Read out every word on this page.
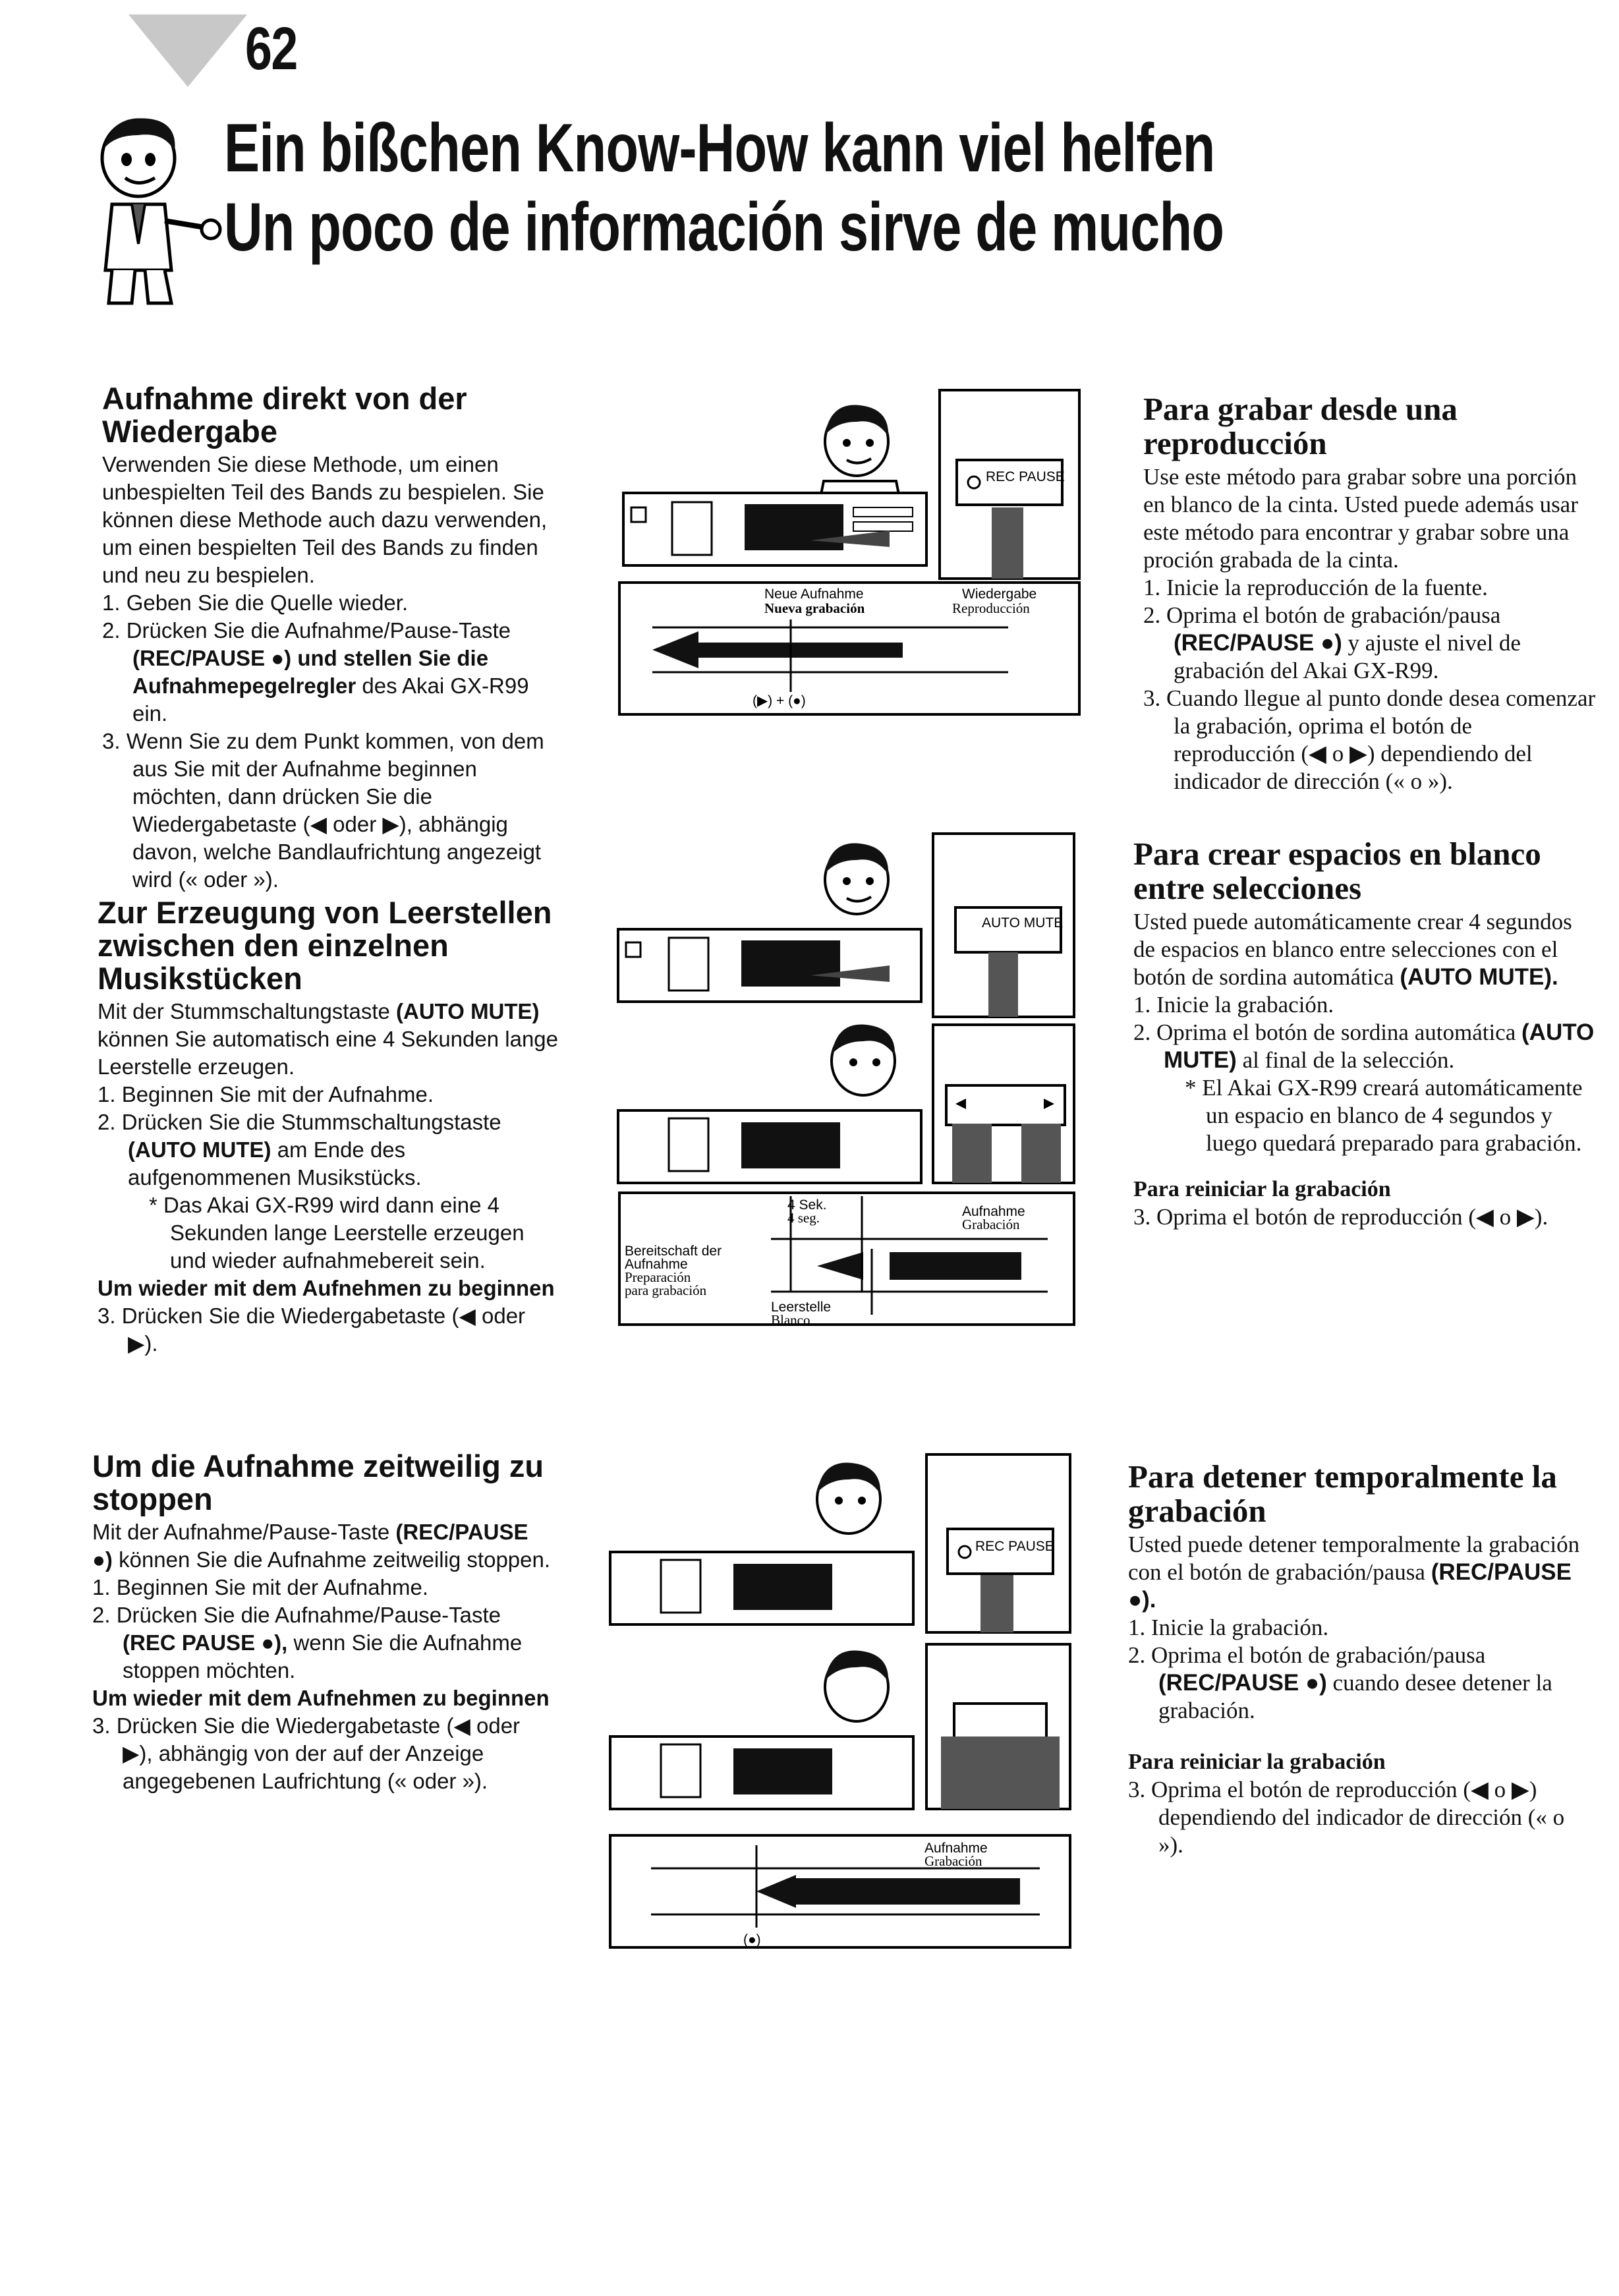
62
Ein bißchen Know-How kann viel helfen
Un poco de información sirve de mucho
Aufnahme direkt von der Wiedergabe

Verwenden Sie diese Methode, um einen unbespielten Teil des Bands zu bespielen. Sie können diese Methode auch dazu verwenden, um einen bespielten Teil des Bands zu finden und neu zu bespielen.

1. Geben Sie die Quelle wieder.
2. Drücken Sie die Aufnahme/Pause-Taste (REC/PAUSE ●) und stellen Sie die Aufnahmepegelregler des Akai GX-R99 ein.
3. Wenn Sie zu dem Punkt kommen, von dem aus Sie mit der Aufnahme beginnen möchten, dann drücken Sie die Wiedergabetaste (◀ oder ▶), abhängig davon, welche Bandlaufrichtung angezeigt wird (« oder »).
Para grabar desde una reproducción

Use este método para grabar sobre una porción en blanco de la cinta. Usted puede además usar este método para encontrar y grabar sobre una proción grabada de la cinta.

1. Inicie la reproducción de la fuente.
2. Oprima el botón de grabación/pausa (REC/PAUSE ●) y ajuste el nivel de grabación del Akai GX-R99.
3. Cuando llegue al punto donde desea comenzar la grabación, oprima el botón de reproducción (◀ o ▶) dependiendo del indicador de dirección (« o »).
Zur Erzeugung von Leerstellen zwischen den einzelnen Musikstücken

Mit der Stummschaltungstaste (AUTO MUTE) können Sie automatisch eine 4 Sekunden lange Leerstelle erzeugen.

1. Beginnen Sie mit der Aufnahme.
2. Drücken Sie die Stummschaltungstaste (AUTO MUTE) am Ende des aufgenommenen Musikstücks.

* Das Akai GX-R99 wird dann eine 4 Sekunden lange Leerstelle erzeugen und wieder aufnahmebereit sein.

Um wieder mit dem Aufnehmen zu beginnen

3. Drücken Sie die Wiedergabetaste (◀ oder ▶).
Para crear espacios en blanco entre selecciones

Usted puede automáticamente crear 4 segundos de espacios en blanco entre selecciones con el botón de sordina automática (AUTO MUTE).

1. Inicie la grabación.
2. Oprima el botón de sordina automática (AUTO MUTE) al final de la selección.

* El Akai GX-R99 creará automáticamente un espacio en blanco de 4 segundos y luego quedará preparado para grabación.

Para reiniciar la grabación

3. Oprima el botón de reproducción (◀ o ▶).
Um die Aufnahme zeitweilig zu stoppen

Mit der Aufnahme/Pause-Taste (REC/PAUSE ●) können Sie die Aufnahme zeitweilig stoppen.

1. Beginnen Sie mit der Aufnahme.
2. Drücken Sie die Aufnahme/Pause-Taste (REC PAUSE ●), wenn Sie die Aufnahme stoppen möchten.

Um wieder mit dem Aufnehmen zu beginnen

3. Drücken Sie die Wiedergabetaste (◀ oder ▶), abhängig von der auf der Anzeige angegebenen Laufrichtung (« oder »).
Para detener temporalmente la grabación

Usted puede detener temporalmente la grabación con el botón de grabación/pausa (REC/PAUSE ●).

1. Inicie la grabación.
2. Oprima el botón de grabación/pausa (REC/PAUSE ●) cuando desee detener la grabación.

Para reiniciar la grabación

3. Oprima el botón de reproducción (◀ o ▶) dependiendo del indicador de dirección (« o »).
REC PAUSE
Neue Aufnahme
Nueva grabación
Wiedergabe
Reproducción
(▶) + (●)
AUTO MUTE
4 Sek.
4 seg.	Aufnahme
Grabación
Bereitschaft der
Aufnahme
Preparación
para grabación
Leerstelle
Blanco
REC PAUSE
Aufnahme
Grabación
(●)
